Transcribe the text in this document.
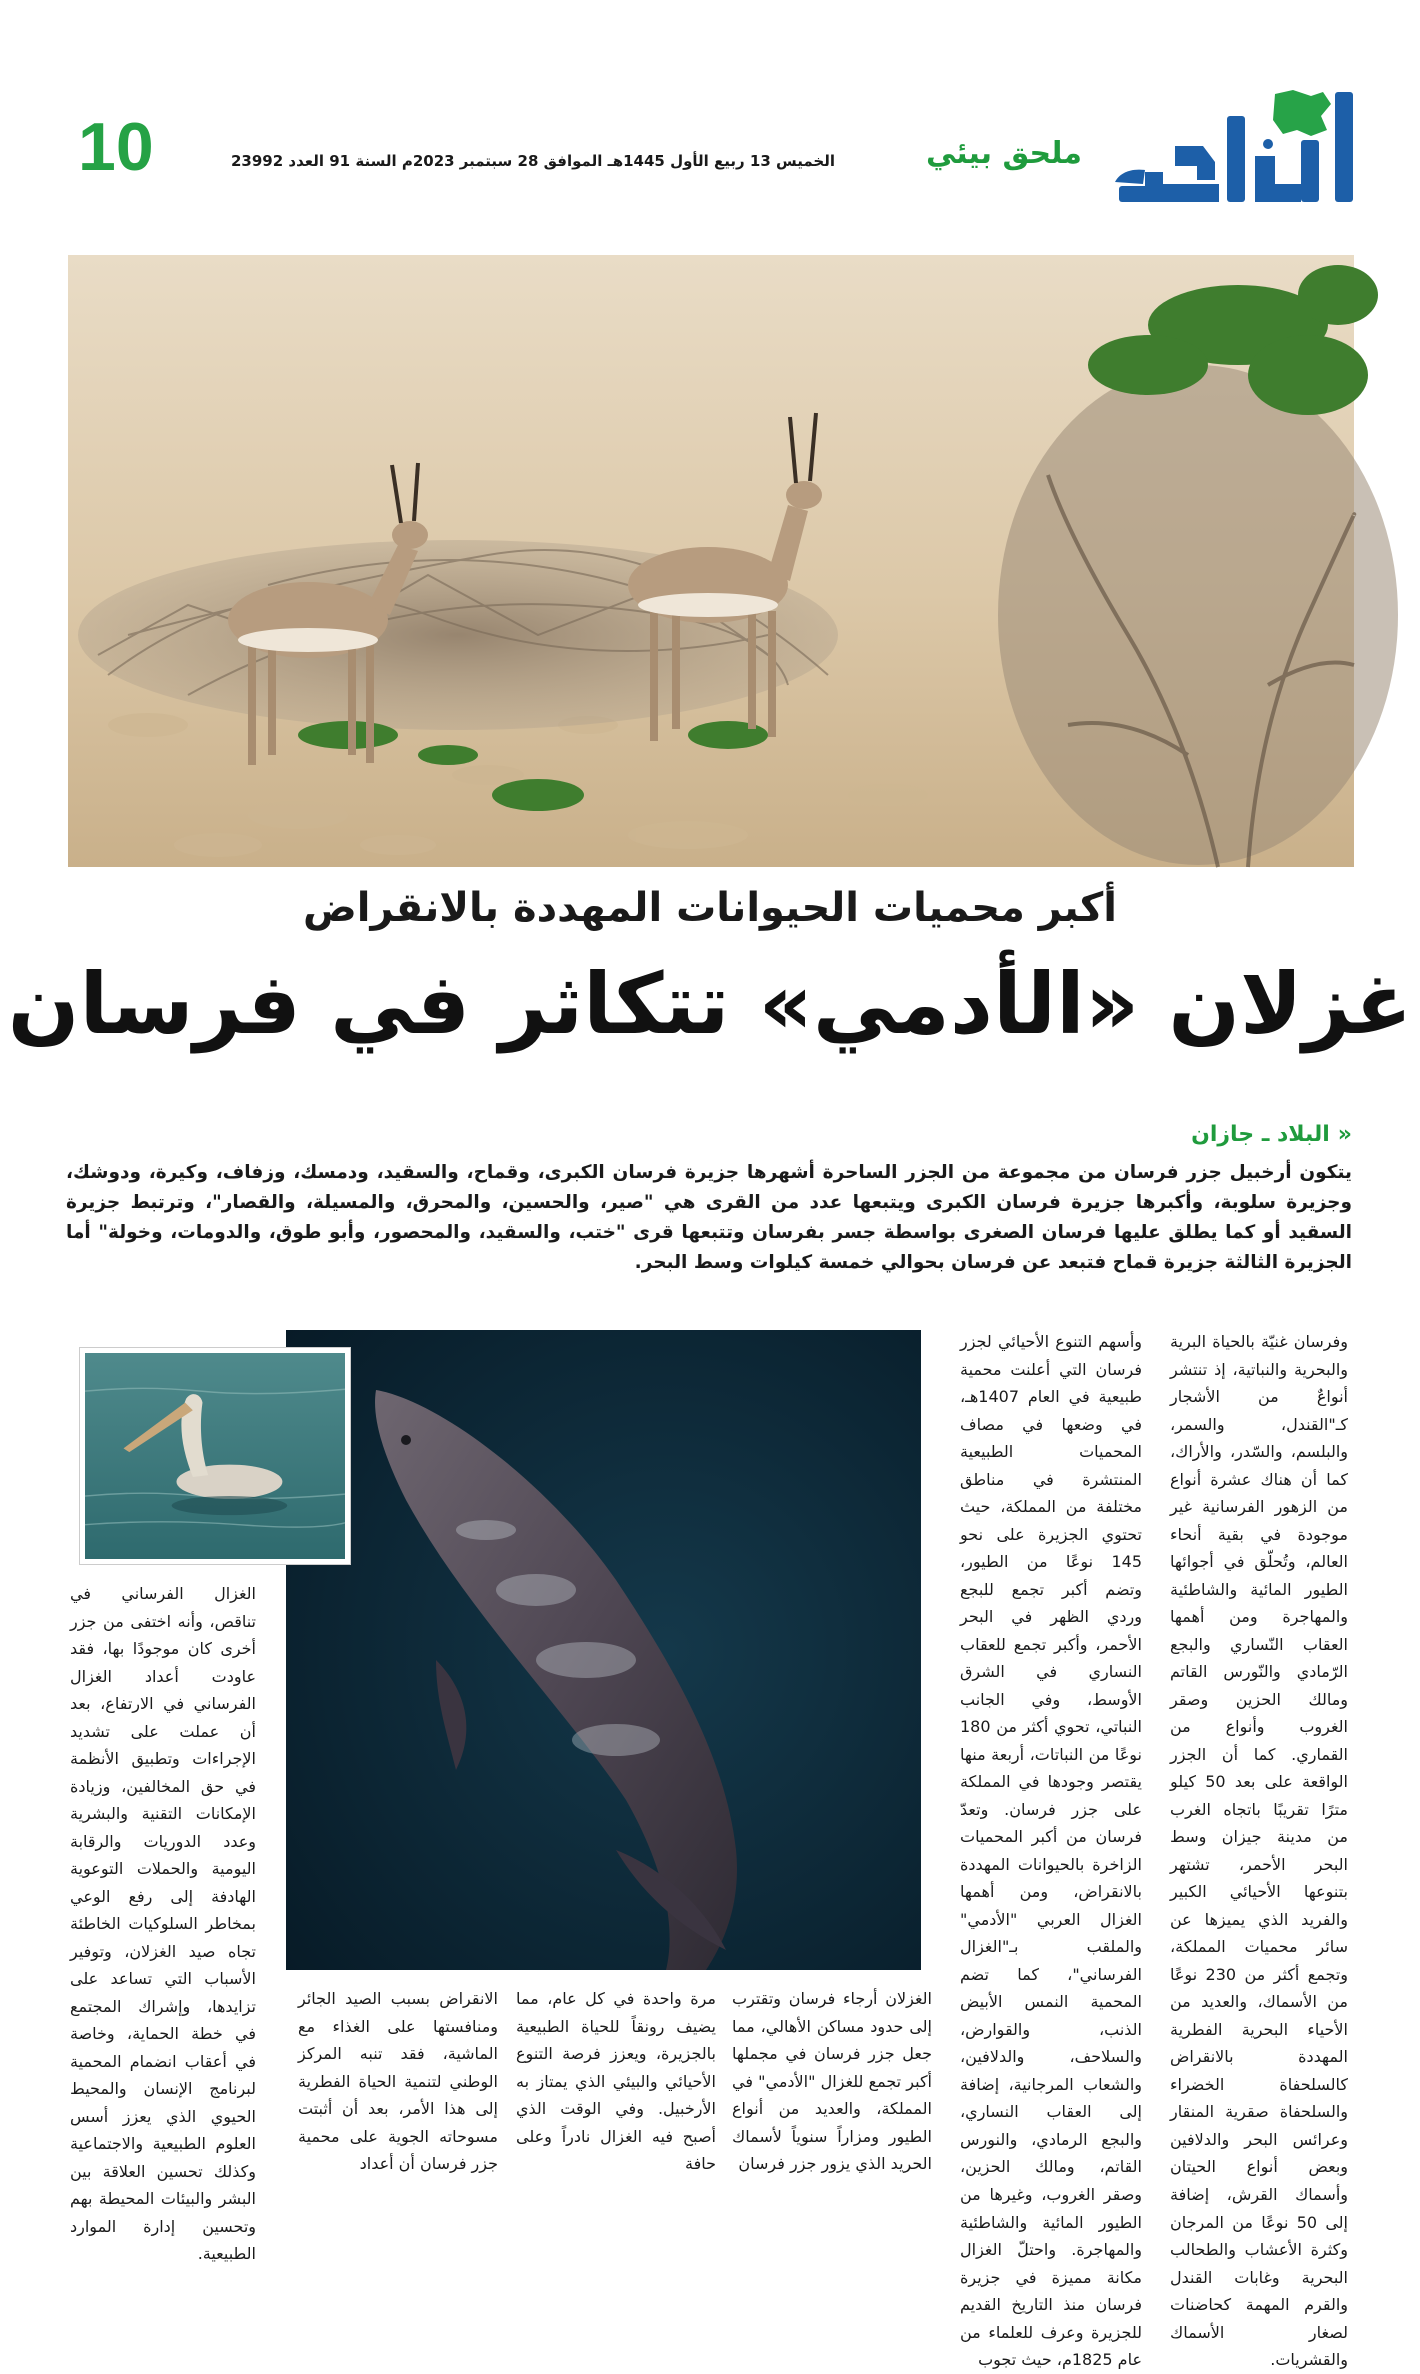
ملحق بيئي
الخميس 13 ربيع الأول 1445هـ الموافق 28 سبتمبر 2023م السنة 91 العدد 23992
10
أكبر محميات الحيوانات المهددة بالانقراض
غزلان «الأدمي» تتكاثر في فرسان
«البلاد ـ جازان

يتكون أرخبيل جزر فرسان من مجموعة من الجزر الساحرة أشهرها جزيرة فرسان الكبرى، وقماح، والسقيد، ودمسك، وزفاف، وكيرة، ودوشك، وجزيرة سلوبة، وأكبرها جزيرة فرسان الكبرى ويتبعها عدد من القرى هي "صير، والحسين، والمحرق، والمسيلة، والقصار"، وترتبط جزيرة السقيد أو كما يطلق عليها فرسان الصغرى بواسطة جسر بفرسان وتتبعها قرى "ختب، والسقيد، والمحصور، وأبو طوق، والدومات، وخولة" أما الجزيرة الثالثة جزيرة قماح فتبعد عن فرسان بحوالي خمسة كيلوات وسط البحر.

وفرسان غنيّة بالحياة البرية والبحرية والنباتية، إذ تنتشر أنواعٌ من الأشجار كـ"القندل، والسمر، والبلسم، والسّدر، والأراك، كما أن هناك عشرة أنواع من الزهور الفرسانية غير موجودة في بقية أنحاء العالم، وتُحلّق في أجوائها الطيور المائية والشاطئية والمهاجرة ومن أهمها العقاب النّساري والبجع الرّمادي والنّورس القاتم ومالك الحزين وصقر الغروب وأنواع من القماري. كما أن الجزر الواقعة على بعد 50 كيلو مترًا تقريبًا باتجاه الغرب من مدينة جيزان وسط البحر الأحمر، تشتهر بتنوعها الأحيائي الكبير والفريد الذي يميزها عن سائر محميات المملكة، وتجمع أكثر من 230 نوعًا من الأسماك، والعديد من الأحياء البحرية الفطرية المهددة بالانقراض كالسلحفاة الخضراء والسلحفاة صقرية المنقار وعرائس البحر والدلافين وبعض أنواع الحيتان وأسماك القرش، إضافة إلى 50 نوعًا من المرجان وكثرة الأعشاب والطحالب البحرية وغابات القندل والقرم المهمة كحاضنات لصغار الأسماك والقشريات.

وأسهم التنوع الأحيائي لجزر فرسان التي أعلنت محمية طبيعية في العام 1407هـ، في وضعها في مصاف المحميات الطبيعية المنتشرة في مناطق مختلفة من المملكة، حيث تحتوي الجزيرة على نحو 145 نوعًا من الطيور، وتضم أكبر تجمع للبجع وردي الظهر في البحر الأحمر، وأكبر تجمع للعقاب النساري في الشرق الأوسط، وفي الجانب النباتي، تحوي أكثر من 180 نوعًا من النباتات، أربعة منها يقتصر وجودها في المملكة على جزر فرسان. وتعدّ فرسان من أكبر المحميات الزاخرة بالحيوانات المهددة بالانقراض، ومن أهمها الغزال العربي "الأدمي" والملقب بـ"الغزال الفرساني"، كما تضم المحمية النمس الأبيض الذنب، والقوارض، والسلاحف، والدلافين، والشعاب المرجانية، إضافة إلى العقاب النساري، والبجع الرمادي، والنورس القاتم، ومالك الحزين، وصقر الغروب، وغيرها من الطيور المائية والشاطئية والمهاجرة. واحتلّ الغزال مكانة مميزة في جزيرة فرسان منذ التاريخ القديم للجزيرة وعرف للعلماء من عام 1825م، حيث تجوب

الغزلان أرجاء فرسان وتقترب إلى حدود مساكن الأهالي، مما جعل جزر فرسان في مجملها أكبر تجمع للغزال "الأدمي" في المملكة، والعديد من أنواع الطيور ومزاراً سنوياً لأسماك الحريد الذي يزور جزر فرسان

مرة واحدة في كل عام، مما يضيف رونقاً للحياة الطبيعية بالجزيرة، ويعزز فرصة التنوع الأحيائي والبيئي الذي يمتاز به الأرخبيل. وفي الوقت الذي أصبح فيه الغزال نادراً وعلى حافة

الانقراض بسبب الصيد الجائر ومنافستها على الغذاء مع الماشية، فقد تنبه المركز الوطني لتنمية الحياة الفطرية إلى هذا الأمر، بعد أن أثبتت مسوحاته الجوية على محمية جزر فرسان أن أعداد

الغزال الفرساني في تناقص، وأنه اختفى من جزر أخرى كان موجودًا بها، فقد عاودت أعداد الغزال الفرساني في الارتفاع، بعد أن عملت على تشديد الإجراءات وتطبيق الأنظمة في حق المخالفين، وزيادة الإمكانات التقنية والبشرية وعدد الدوريات والرقابة اليومية والحملات التوعوية الهادفة إلى رفع الوعي بمخاطر السلوكيات الخاطئة تجاه صيد الغزلان، وتوفير الأسباب التي تساعد على تزايدها، وإشراك المجتمع في خطة الحماية، وخاصة في أعقاب انضمام المحمية لبرنامج الإنسان والمحيط الحيوي الذي يعزز أسس العلوم الطبيعية والاجتماعية وكذلك تحسين العلاقة بين البشر والبيئات المحيطة بهم وتحسين إدارة الموارد الطبيعية.
